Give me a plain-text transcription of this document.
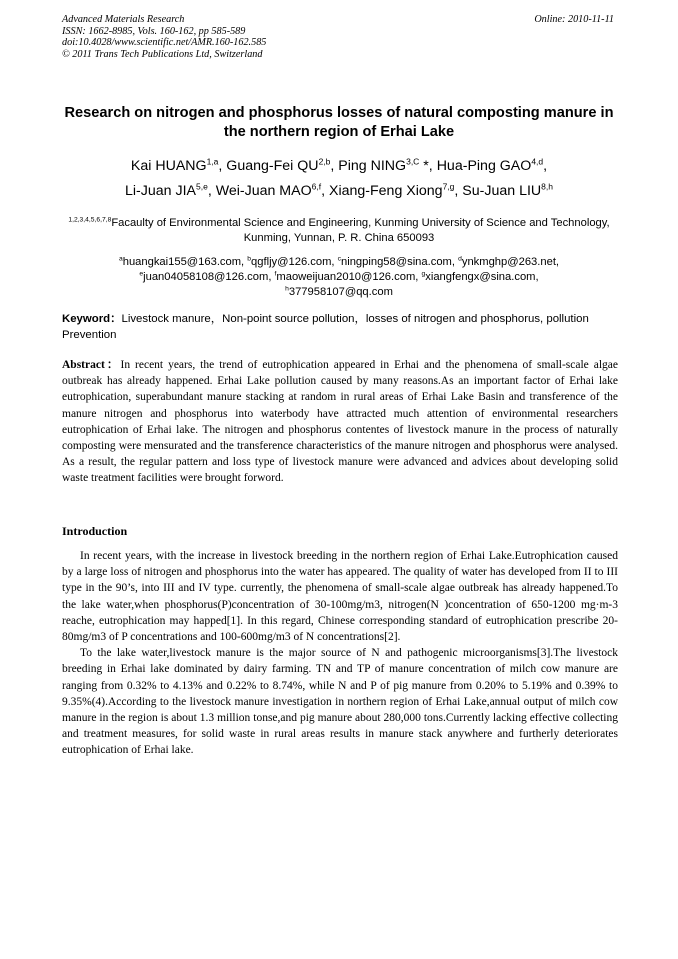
Advanced Materials Research
ISSN: 1662-8985, Vols. 160-162, pp 585-589
doi:10.4028/www.scientific.net/AMR.160-162.585
© 2011 Trans Tech Publications Ltd, Switzerland
Online: 2010-11-11
Research on nitrogen and phosphorus losses of natural composting manure in the northern region of Erhai Lake
Kai HUANG$^{1,a}$, Guang-Fei QU$^{2,b}$, Ping $NING^{3,C}$ *, Hua-Ping GAO$^{4,d}$,
Li-Juan JIA$^{5,e}$, Wei-Juan MAO$^{6,f}$, Xiang-Feng Xiong$^{7,g}$, Su-Juan LIU$^{8,h}$
$^{1,2,3,4,5,6,7,8}$Facaulty of Environmental Science and Engineering, Kunming University of Science and Technology, Kunming, Yunnan, P. R. China 650093
$^a$huangkai155@163.com, $^b$qgfljy@126.com, $^c$ningping58@sina.com, $^d$ynkmghp@263.net,
$^e$juan04058108@126.com, $^f$maoweijuan2010@126.com, $^g$xiangfengx@sina.com,
$^h$377958107@qq.com
Keyword：Livestock manure，Non-point source pollution，losses of nitrogen and phosphorus, pollution Prevention
Abstract：In recent years, the trend of eutrophication appeared in Erhai and the phenomena of small-scale algae outbreak has already happened. Erhai Lake pollution caused by many reasons.As an important factor of Erhai lake eutrophication, superabundant manure stacking at random in rural areas of Erhai Lake Basin and transference of the manure nitrogen and phosphorus into waterbody have attracted much attention of environmental researchers eutrophication of Erhai lake. The nitrogen and phosphorus contentes of livestock manure in the process of naturally composting were mensurated and the transference characteristics of the manure nitrogen and phosphorus were analysed. As a result, the regular pattern and loss type of livestock manure were advanced and advices about developing solid waste treatment facilities were brought forword.
Introduction

In recent years, with the increase in livestock breeding in the northern region of Erhai Lake.Eutrophication caused by a large loss of nitrogen and phosphorus into the water has appeared. The quality of water has developed from II to III type in the 90’s, into III and IV type. currently, the phenomena of small-scale algae outbreak has already happened.To the lake water,when phosphorus(P)concentration of 30-100mg/m3, nitrogen(N )concentration of 650-1200 mg·m-3 reache, eutrophication may happed[1]. In this regard, Chinese corresponding standard of eutrophication prescribe 20-80mg/m3 of P concentrations and 100-600mg/m3 of N concentrations[2].

To the lake water,livestock manure is the major source of N and pathogenic microorganisms[3].The livestock breeding in Erhai lake dominated by dairy farming. TN and TP of manure concentration of milch cow manure are ranging from 0.32% to 4.13% and 0.22% to 8.74%, while N and P of pig manure from 0.20% to 5.19% and 0.39% to 9.35%(4).According to the livestock manure investigation in northern region of Erhai Lake,annual output of milch cow manure in the region is about 1.3 million tonse,and pig manure about 280,000 tons.Currently lacking effective collecting and treatment measures, for solid waste in rural areas results in manure stack anywhere and furtherly deteriorates eutrophication of Erhai lake.
